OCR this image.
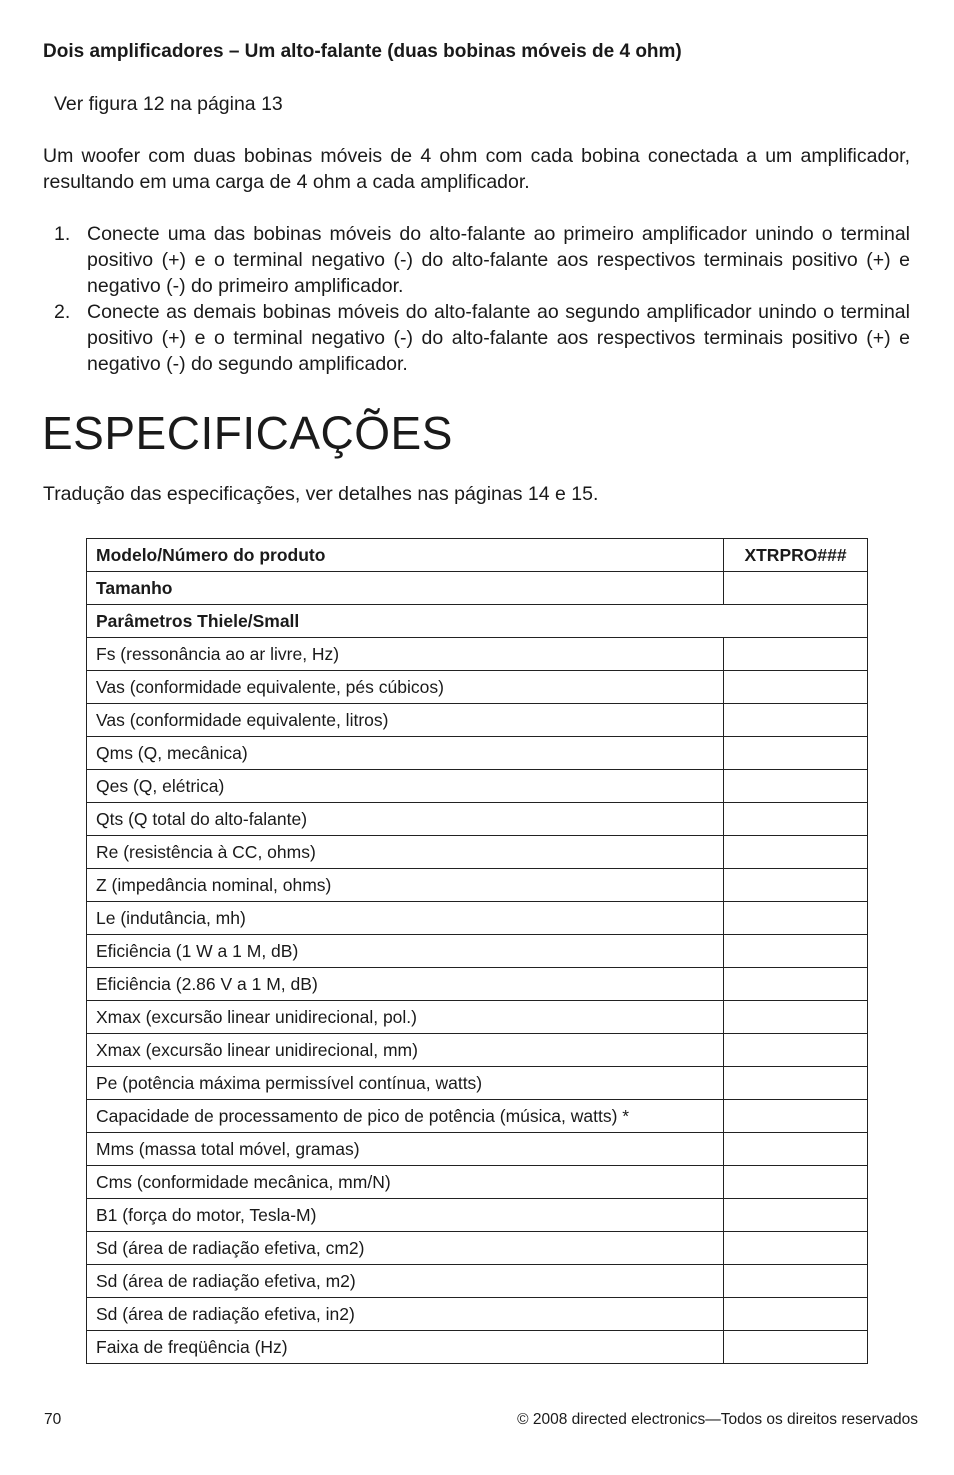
Dois amplificadores – Um alto-falante (duas bobinas móveis de 4 ohm)

Ver figura 12 na página 13

Um woofer com duas bobinas móveis de 4 ohm com cada bobina conectada a um amplificador, resultando em uma carga de 4 ohm a cada amplificador.

1. Conecte uma das bobinas móveis do alto-falante ao primeiro amplificador unindo o terminal positivo (+) e o terminal negativo (-) do alto-falante aos respectivos terminais positivo (+) e negativo (-) do primeiro amplificador.
2. Conecte as demais bobinas móveis do alto-falante ao segundo amplificador unindo o terminal positivo (+) e o terminal negativo (-) do alto-falante aos respectivos terminais positivo (+) e negativo (-) do segundo amplificador.
ESPECIFICAÇÕES

Tradução das especificações, ver detalhes nas páginas 14 e 15.

Modelo/Número do produto	XTRPRO###
Tamanho	
Parâmetros Thiele/Small	
Fs (ressonância ao ar livre, Hz)	
Vas (conformidade equivalente, pés cúbicos)	
Vas (conformidade equivalente, litros)	
Qms (Q, mecânica)	
Qes (Q, elétrica)	
Qts (Q total do alto-falante)	
Re (resistência à CC, ohms)	
Z (impedância nominal, ohms)	
Le (indutância, mh)	
Eficiência (1 W a 1 M, dB)	
Eficiência (2.86 V a 1 M, dB)	
Xmax (excursão linear unidirecional, pol.)	
Xmax (excursão linear unidirecional, mm)	
Pe (potência máxima permissível contínua, watts)	
Capacidade de processamento de pico de potência (música, watts) *	
Mms (massa total móvel, gramas)	
Cms (conformidade mecânica, mm/N)	
B1 (força do motor, Tesla-M)	
Sd (área de radiação efetiva, cm2)	
Sd (área de radiação efetiva, m2)	
Sd (área de radiação efetiva, in2)	
Faixa de freqüência (Hz)	

70	© 2008 directed electronics—Todos os direitos reservados
